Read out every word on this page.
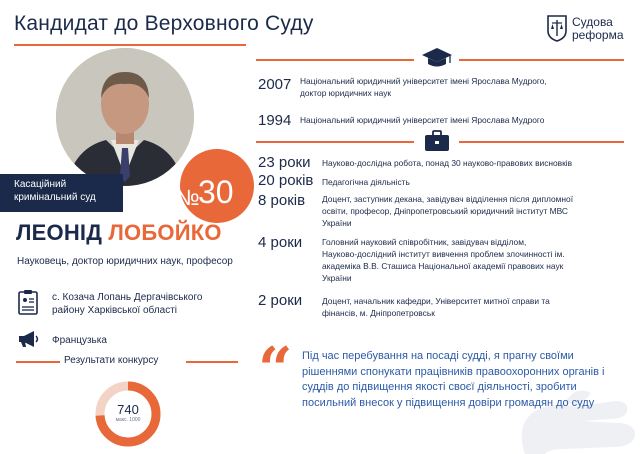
Кандидат до Верховного Суду	Судова
реформа
Касаційний
кримінальний суд	№
30
ЛЕОНІД ЛОБОЙКО
Науковець, доктор юридичних наук, професор
с. Козача Лопань Дергачівського
району Харківської області
Французька
Результати конкурсу
740
макс. 1000
2007 Національний юридичний університет імені Ярослава Мудрого,
доктор юридичних наук
1994 Національний юридичний університет імені Ярослава Мудрого
23 роки Науково-дослідна робота, понад 30 науково-правових висновків
20 років Педагогічна діяльність
8 років Доцент, заступник декана, завідувач відділення після дипломної
освіти, професор, Дніпропетровський юридичний інститут МВС
України
4 роки Головний науковий співробітник, завідувач відділом,
Науково-дослідний інститут вивчення проблем злочинності ім.
академіка В.В. Сташиса Національної академії правових наук
України
2 роки Доцент, начальник кафедри, Університет митної справи та
фінансів, м. Дніпропетровськ
“ Під час перебування на посаді судді, я прагну своїми рішеннями спонукати працівників правоохоронних органів і суддів до підвищення якості своєї діяльності, зробити посильний внесок у підвищення довіри громадян до суду
